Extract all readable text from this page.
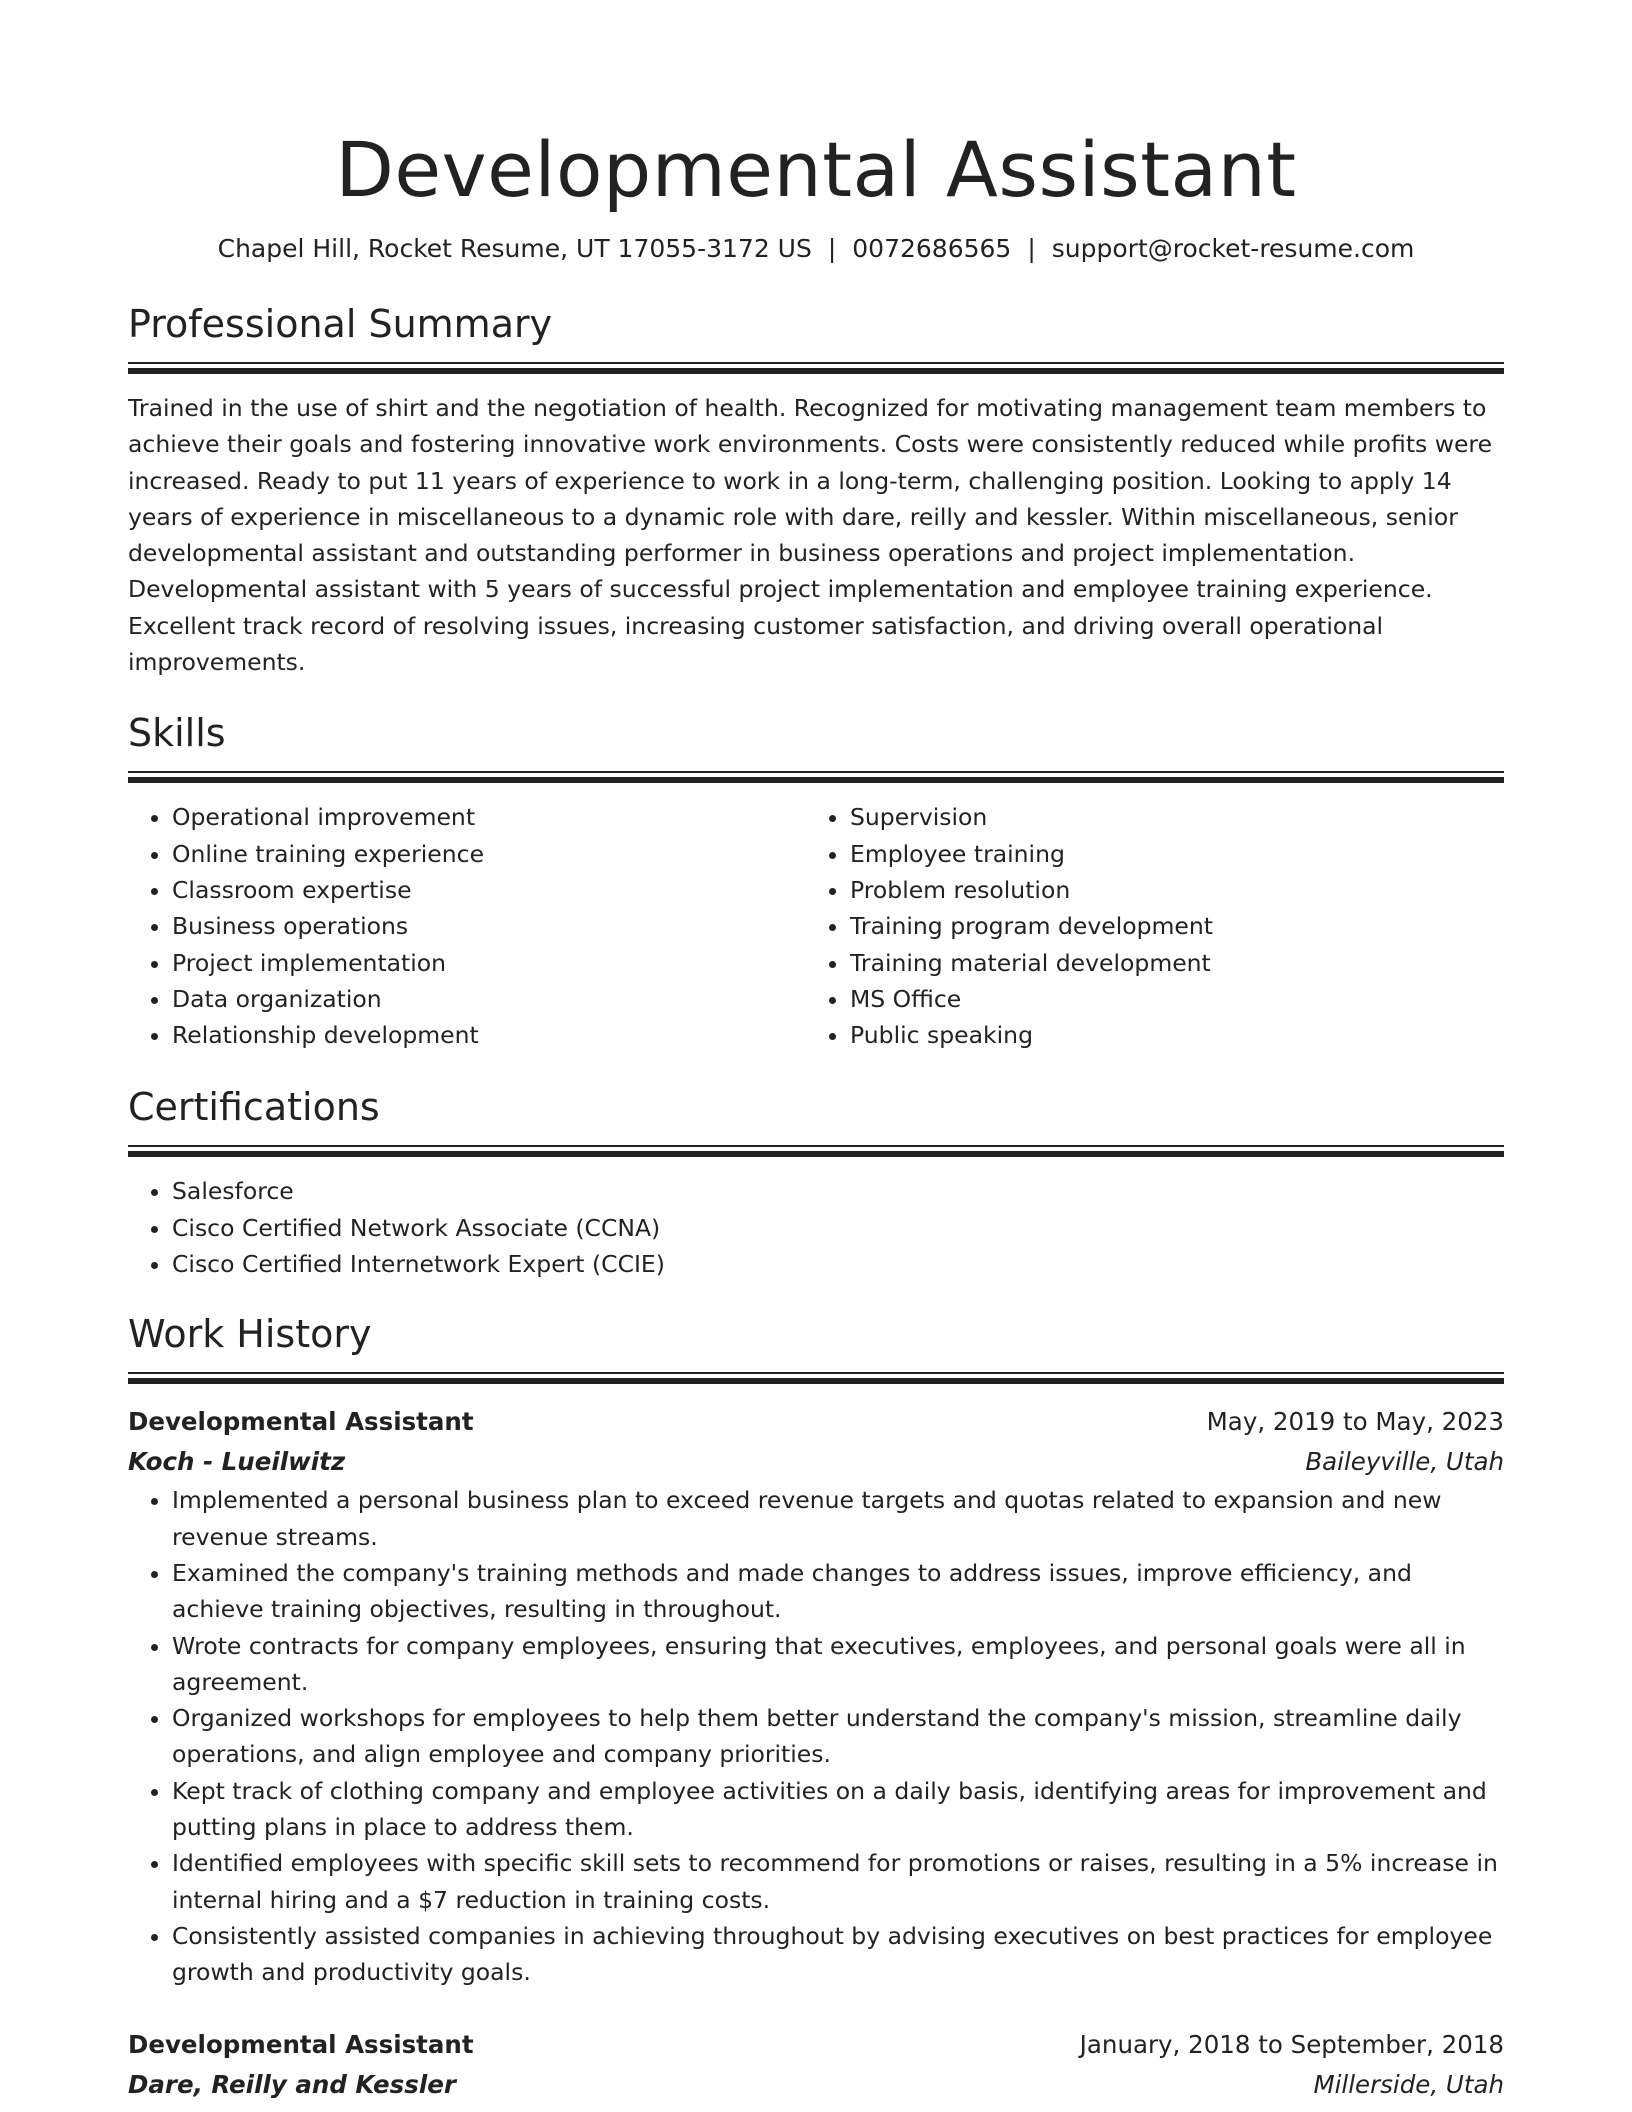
Developmental Assistant
Chapel Hill, Rocket Resume, UT 17055-3172 US | 0072686565 | support@rocket-resume.com
Professional Summary
Trained in the use of shirt and the negotiation of health. Recognized for motivating management team members to achieve their goals and fostering innovative work environments. Costs were consistently reduced while profits were increased. Ready to put 11 years of experience to work in a long-term, challenging position. Looking to apply 14 years of experience in miscellaneous to a dynamic role with dare, reilly and kessler. Within miscellaneous, senior developmental assistant and outstanding performer in business operations and project implementation. Developmental assistant with 5 years of successful project implementation and employee training experience. Excellent track record of resolving issues, increasing customer satisfaction, and driving overall operational improvements.
Skills
• Operational improvement
• Online training experience
• Classroom expertise
• Business operations
• Project implementation
• Data organization
• Relationship development
• Supervision
• Employee training
• Problem resolution
• Training program development
• Training material development
• MS Office
• Public speaking
Certifications
• Salesforce
• Cisco Certified Network Associate (CCNA)
• Cisco Certified Internetwork Expert (CCIE)
Work History
Developmental Assistant	May, 2019 to May, 2023
Koch - Lueilwitz	Baileyville, Utah
• Implemented a personal business plan to exceed revenue targets and quotas related to expansion and new revenue streams.
• Examined the company's training methods and made changes to address issues, improve efficiency, and achieve training objectives, resulting in throughout.
• Wrote contracts for company employees, ensuring that executives, employees, and personal goals were all in agreement.
• Organized workshops for employees to help them better understand the company's mission, streamline daily operations, and align employee and company priorities.
• Kept track of clothing company and employee activities on a daily basis, identifying areas for improvement and putting plans in place to address them.
• Identified employees with specific skill sets to recommend for promotions or raises, resulting in a 5% increase in internal hiring and a $7 reduction in training costs.
• Consistently assisted companies in achieving throughout by advising executives on best practices for employee growth and productivity goals.
Developmental Assistant	January, 2018 to September, 2018
Dare, Reilly and Kessler	Millerside, Utah
